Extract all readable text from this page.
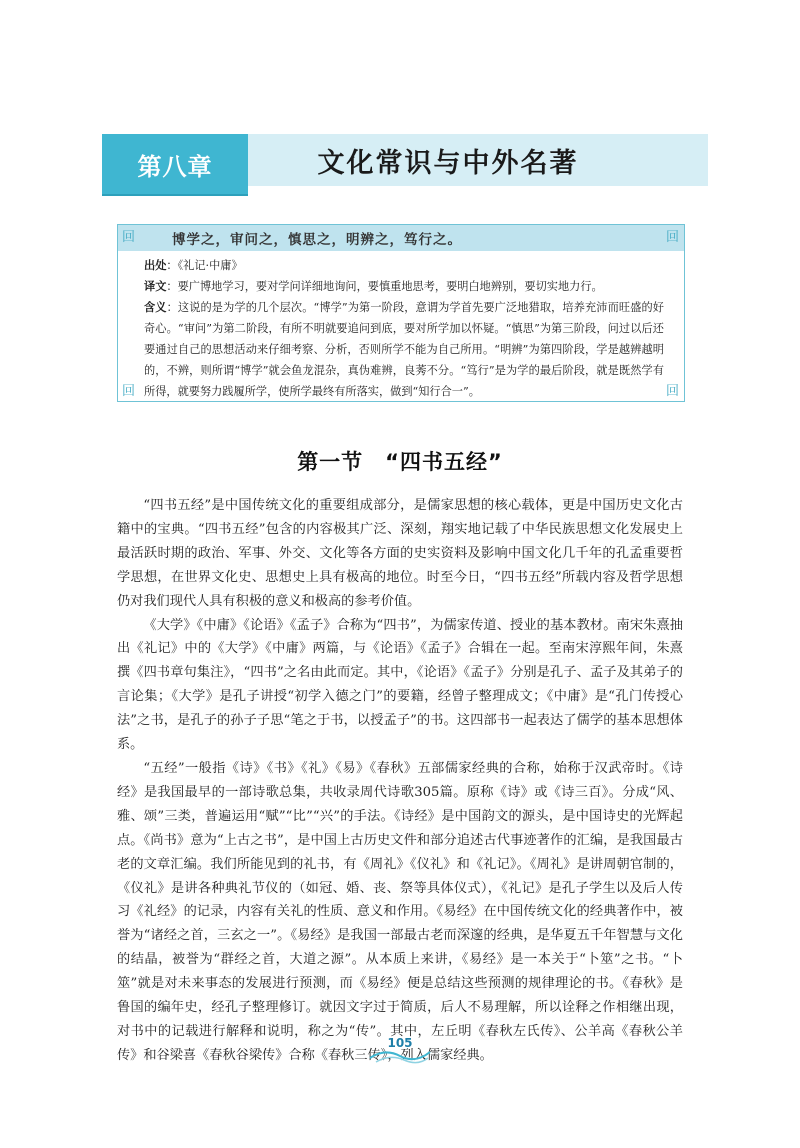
第八章	文化常识与中外名著
回	回
回	回
博学之，审问之，慎思之，明辨之，笃行之。

出处：《礼记·中庸》

译文：要广博地学习，要对学问详细地询问，要慎重地思考，要明白地辨别，要切实地力行。

含义：这说的是为学的几个层次。“博学”为第一阶段，意谓为学首先要广泛地猎取，培养充沛而旺盛的好奇心。“审问”为第二阶段，有所不明就要追问到底，要对所学加以怀疑。“慎思”为第三阶段，问过以后还要通过自己的思想活动来仔细考察、分析，否则所学不能为自己所用。“明辨”为第四阶段，学是越辨越明的，不辨，则所谓“博学”就会鱼龙混杂，真伪难辨，良莠不分。“笃行”是为学的最后阶段，就是既然学有所得，就要努力践履所学，使所学最终有所落实，做到“知行合一”。

第一节　“四书五经”

“四书五经”是中国传统文化的重要组成部分，是儒家思想的核心载体，更是中国历史文化古籍中的宝典。“四书五经”包含的内容极其广泛、深刻，翔实地记载了中华民族思想文化发展史上最活跃时期的政治、军事、外交、文化等各方面的史实资料及影响中国文化几千年的孔孟重要哲学思想，在世界文化史、思想史上具有极高的地位。时至今日，“四书五经”所载内容及哲学思想仍对我们现代人具有积极的意义和极高的参考价值。

《大学》《中庸》《论语》《孟子》合称为“四书”，为儒家传道、授业的基本教材。南宋朱熹抽出《礼记》中的《大学》《中庸》两篇，与《论语》《孟子》合辑在一起。至南宋淳熙年间，朱熹撰《四书章句集注》，“四书”之名由此而定。其中，《论语》《孟子》分别是孔子、孟子及其弟子的言论集；《大学》是孔子讲授“初学入德之门”的要籍，经曾子整理成文；《中庸》是“孔门传授心法”之书，是孔子的孙子子思“笔之于书，以授孟子”的书。这四部书一起表达了儒学的基本思想体系。

“五经”一般指《诗》《书》《礼》《易》《春秋》五部儒家经典的合称，始称于汉武帝时。《诗经》是我国最早的一部诗歌总集，共收录周代诗歌305篇。原称《诗》或《诗三百》。分成“风、雅、颂”三类，普遍运用“赋”“比”“兴”的手法。《诗经》是中国韵文的源头，是中国诗史的光辉起点。《尚书》意为“上古之书”，是中国上古历史文件和部分追述古代事迹著作的汇编，是我国最古老的文章汇编。我们所能见到的礼书，有《周礼》《仪礼》和《礼记》。《周礼》是讲周朝官制的，《仪礼》是讲各种典礼节仪的（如冠、婚、丧、祭等具体仪式），《礼记》是孔子学生以及后人传习《礼经》的记录，内容有关礼的性质、意义和作用。《易经》在中国传统文化的经典著作中，被誉为“诸经之首，三玄之一”。《易经》是我国一部最古老而深邃的经典，是华夏五千年智慧与文化的结晶，被誉为“群经之首，大道之源”。从本质上来讲，《易经》是一本关于“卜筮”之书。“卜筮”就是对未来事态的发展进行预测，而《易经》便是总结这些预测的规律理论的书。《春秋》是鲁国的编年史，经孔子整理修订。就因文字过于简质，后人不易理解，所以诠释之作相继出现，对书中的记载进行解释和说明，称之为“传”。其中，左丘明《春秋左氏传》、公羊高《春秋公羊传》和谷梁喜《春秋谷梁传》合称《春秋三传》，列入儒家经典。

105
